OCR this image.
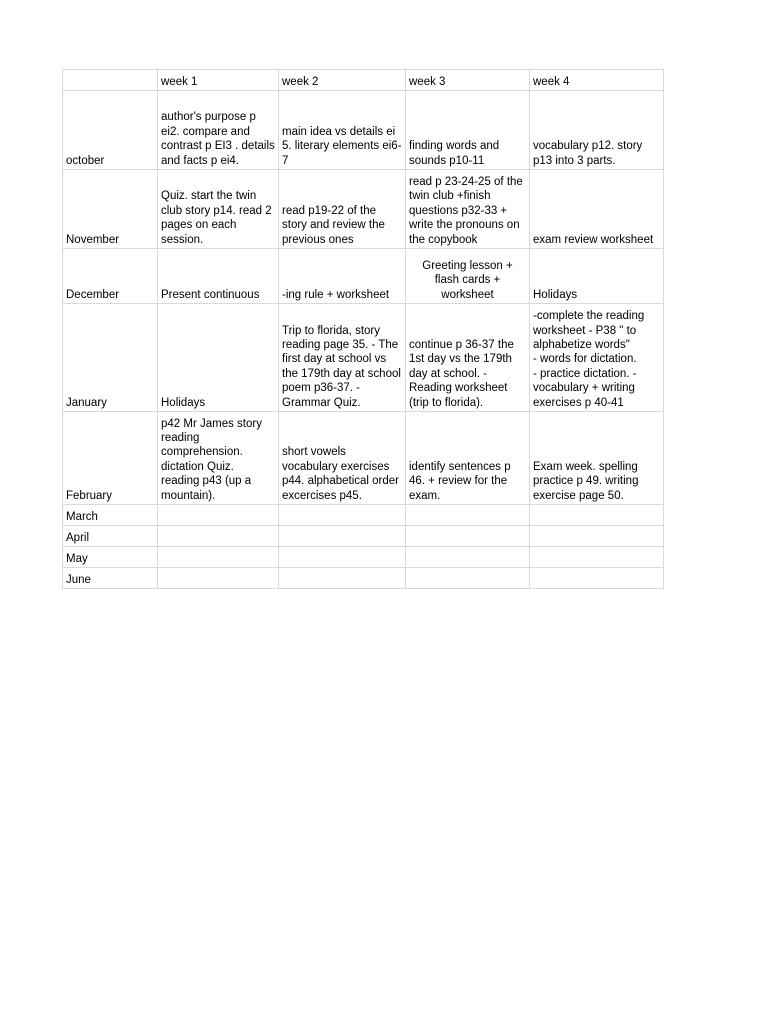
	week 1	week 2	week 3	week 4
october	author's purpose p ei2. compare and contrast p EI3 . details and facts p ei4.	main idea vs details ei 5. literary elements ei6-7	finding words and sounds p10-11	vocabulary p12. story p13 into 3 parts.
November	Quiz. start the twin club story p14. read 2 pages on each session.	read p19-22 of the story and review the previous ones	read p 23-24-25 of the twin club +finish questions p32-33 + write the pronouns on the copybook	exam review worksheet
December	Present continuous	-ing rule + worksheet	Greeting lesson + flash cards + worksheet	Holidays
January	Holidays	Trip to florida, story reading page 35. - The first day at school vs the 179th day at school poem p36-37. - Grammar Quiz.	continue p 36-37 the 1st day vs the 179th day at school. - Reading worksheet (trip to florida).	-complete the reading worksheet - P38 " to alphabetize words"
- words for dictation.
- practice dictation. - vocabulary + writing exercises p 40-41
February	p42 Mr James story reading comprehension. dictation Quiz. reading p43 (up a mountain).	short vowels vocabulary exercises p44. alphabetical order excercises p45.	identify sentences p 46. + review for the exam.	Exam week. spelling practice p 49. writing exercise page 50.
March				
April				
May				
June				
